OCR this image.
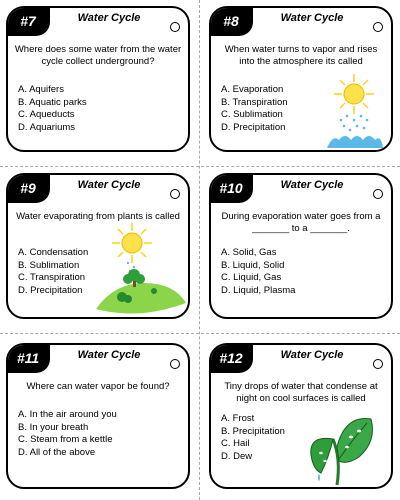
#7	Water Cycle
Where does some water from the water cycle collect underground?
A. Aquifers
B. Aquatic parks
C. Aqueducts
D. Aquariums
#8	Water Cycle
When water turns to vapor and rises into the atmosphere its called
A. Evaporation
B. Transpiration
C. Sublimation
D. Precipitation
#9	Water Cycle
Water evaporating from plants is called
A. Condensation
B. Sublimation
C. Transpiration
D. Precipitation
#10	Water Cycle
During evaporation water goes from a _______ to a _______.
A. Solid, Gas
B. Liquid, Solid
C. Liquid, Gas
D. Liquid, Plasma
#11	Water Cycle
Where can water vapor be found?
A. In the air around you
B. In your breath
C. Steam from a kettle
D. All of the above
#12	Water Cycle
Tiny drops of water that condense at night on cool surfaces is called
A. Frost
B. Precipitation
C. Hail
D. Dew
